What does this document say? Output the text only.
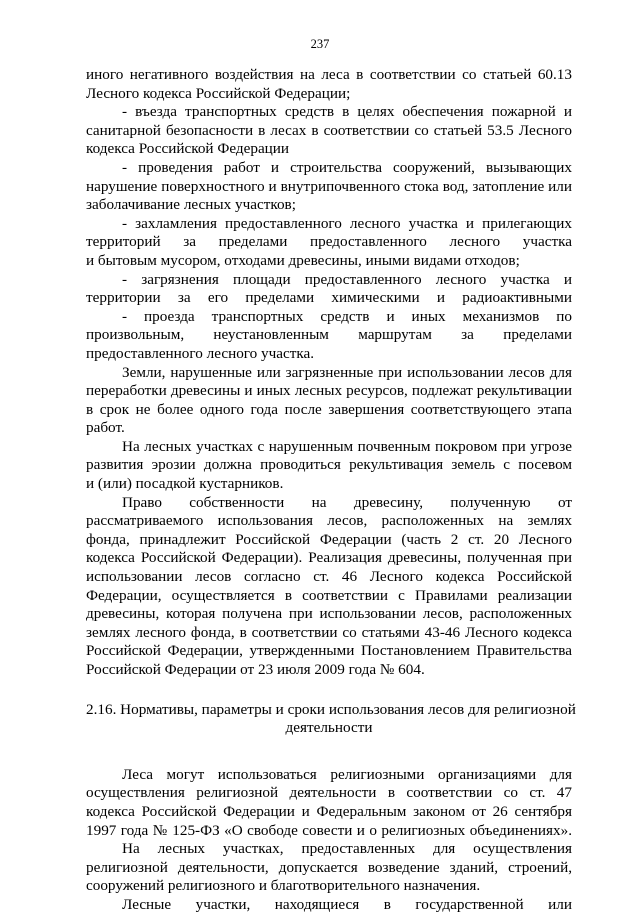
237
иного негативного воздействия на леса в соответствии со статьей 60.13
Лесного кодекса Российской Федерации;
- въезда транспортных средств в целях обеспечения пожарной и
санитарной безопасности в лесах в соответствии со статьей 53.5 Лесного
кодекса Российской Федерации
- проведения работ и строительства сооружений, вызывающих
нарушение поверхностного и внутрипочвенного стока вод, затопление или
заболачивание лесных участков;
- захламления предоставленного лесного участка и прилегающих
территорий за пределами предоставленного лесного участка
и бытовым мусором, отходами древесины, иными видами отходов;
- загрязнения площади предоставленного лесного участка и
территории за его пределами химическими и радиоактивными
- проезда транспортных средств и иных механизмов по
произвольным, неустановленным маршрутам за пределами
предоставленного лесного участка.
Земли, нарушенные или загрязненные при использовании лесов для
переработки древесины и иных лесных ресурсов, подлежат рекультивации
в срок не более одного года после завершения соответствующего этапа
работ.
На лесных участках с нарушенным почвенным покровом при угрозе
развития эрозии должна проводиться рекультивация земель с посевом
и (или) посадкой кустарников.
Право собственности на древесину, полученную от
рассматриваемого использования лесов, расположенных на землях
фонда, принадлежит Российской Федерации (часть 2 ст. 20 Лесного
кодекса Российской Федерации). Реализация древесины, полученная при
использовании лесов согласно ст. 46 Лесного кодекса Российской
Федерации, осуществляется в соответствии с Правилами реализации
древесины, которая получена при использовании лесов, расположенных
землях лесного фонда, в соответствии со статьями 43-46 Лесного кодекса
Российской Федерации, утвержденными Постановлением Правительства
Российской Федерации от 23 июля 2009 года № 604.
2.16. Нормативы, параметры и сроки использования лесов для религиозной
деятельности
Леса могут использоваться религиозными организациями для
осуществления религиозной деятельности в соответствии со ст. 47
кодекса Российской Федерации и Федеральным законом от 26 сентября
1997 года № 125-ФЗ «О свободе совести и о религиозных объединениях».
На лесных участках, предоставленных для осуществления
религиозной деятельности, допускается возведение зданий, строений,
сооружений религиозного и благотворительного назначения.
Лесные участки, находящиеся в государственной или
